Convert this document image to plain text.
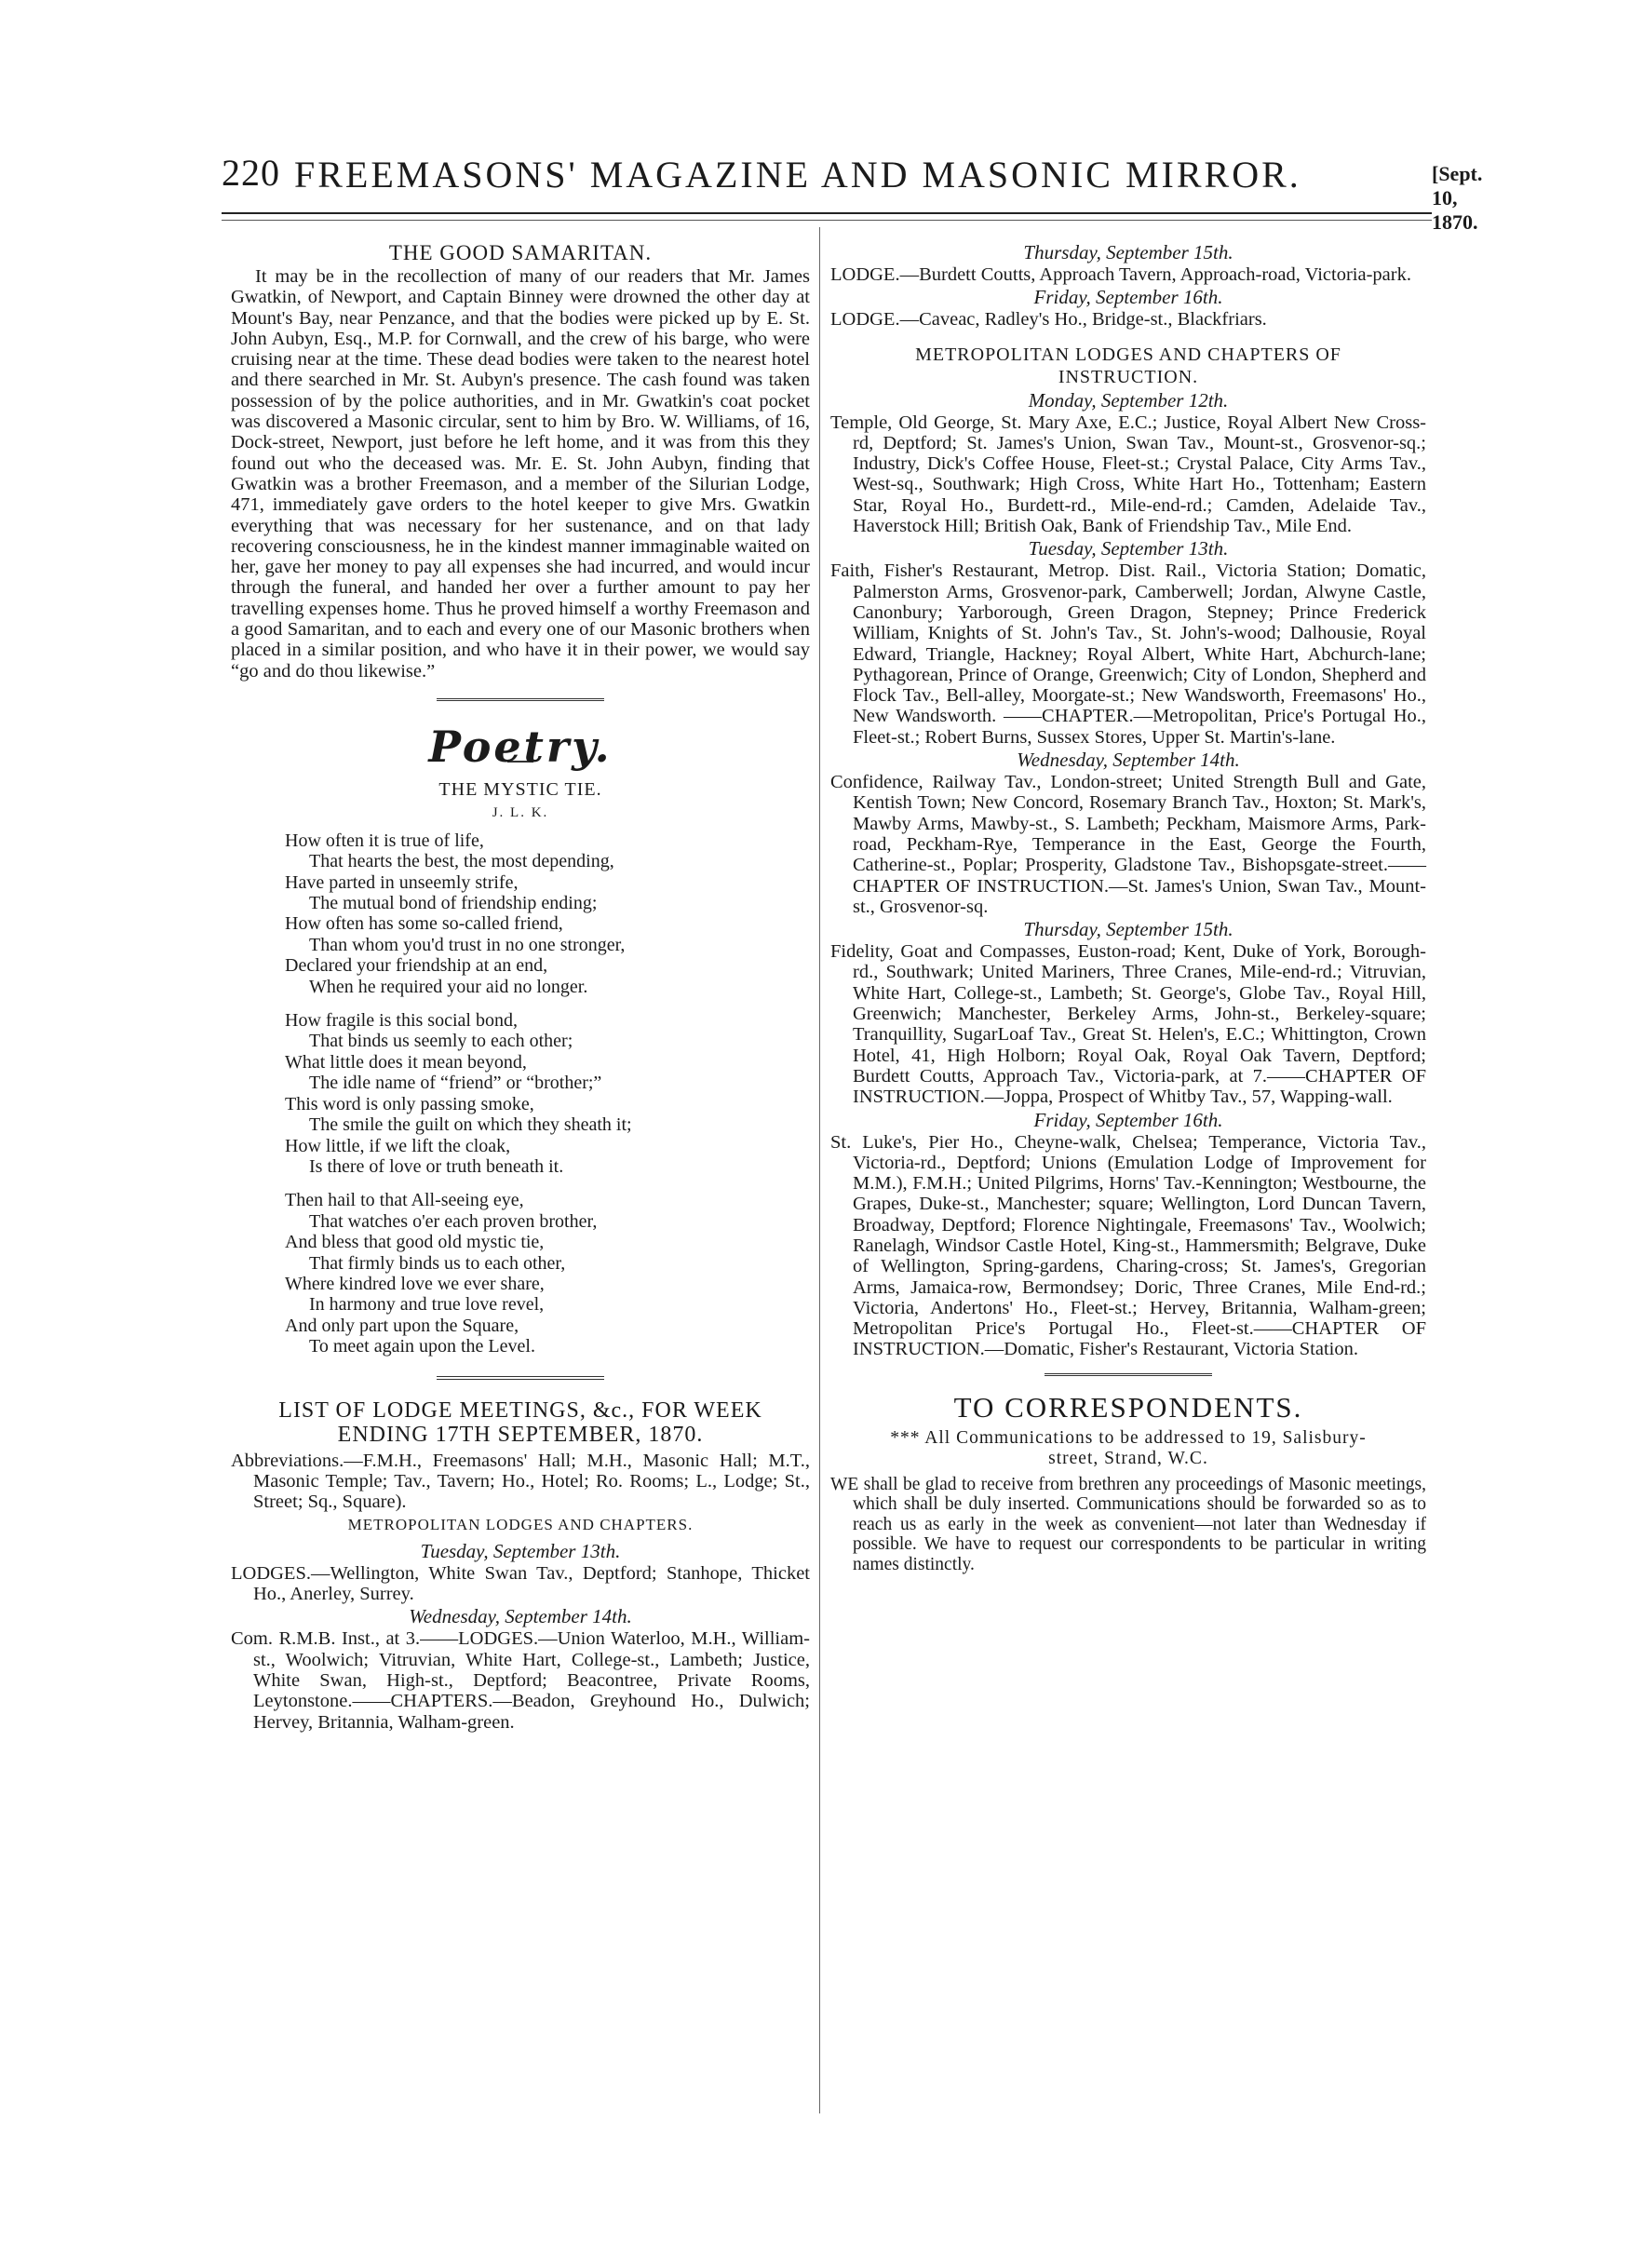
220 FREEMASONS' MAGAZINE AND MASONIC MIRROR.	[Sept. 10, 1870.

THE GOOD SAMARITAN.

It may be in the recollection of many of our readers that Mr. James Gwatkin, of Newport, and Captain Binney were drowned the other day at Mount's Bay, near Penzance, and that the bodies were picked up by E. St. John Aubyn, Esq., M.P. for Cornwall, and the crew of his barge, who were cruising near at the time. These dead bodies were taken to the nearest hotel and there searched in Mr. St. Aubyn's presence. The cash found was taken possession of by the police authorities, and in Mr. Gwatkin's coat pocket was discovered a Masonic circular, sent to him by Bro. W. Williams, of 16, Dock-street, Newport, just before he left home, and it was from this they found out who the deceased was. Mr. E. St. John Aubyn, finding that Gwatkin was a brother Freemason, and a member of the Silurian Lodge, 471, immediately gave orders to the hotel keeper to give Mrs. Gwatkin everything that was necessary for her sustenance, and on that lady recovering consciousness, he in the kindest manner immaginable waited on her, gave her money to pay all expenses she had incurred, and would incur through the funeral, and handed her over a further amount to pay her travelling expenses home. Thus he proved himself a worthy Freemason and a good Samaritan, and to each and every one of our Masonic brothers when placed in a similar position, and who have it in their power, we would say “go and do thou likewise.”

Poetry.

THE MYSTIC TIE.

J. L. K.
How often it is true of life,
That hearts the best, the most depending,
Have parted in unseemly strife,
The mutual bond of friendship ending;
How often has some so-called friend,
Than whom you'd trust in no one stronger,
Declared your friendship at an end,
When he required your aid no longer.
How fragile is this social bond,
That binds us seemly to each other;
What little does it mean beyond,
The idle name of “friend” or “brother;”
This word is only passing smoke,
The smile the guilt on which they sheath it;
How little, if we lift the cloak,
Is there of love or truth beneath it.
Then hail to that All-seeing eye,
That watches o'er each proven brother,
And bless that good old mystic tie,
That firmly binds us to each other,
Where kindred love we ever share,
In harmony and true love revel,
And only part upon the Square,
To meet again upon the Level.

LIST OF LODGE MEETINGS, &c., FOR WEEK ENDING 17TH SEPTEMBER, 1870.

Abbreviations.—F.M.H., Freemasons' Hall; M.H., Masonic Hall; M.T., Masonic Temple; Tav., Tavern; Ho., Hotel; Ro. Rooms; L., Lodge; St., Street; Sq., Square).

METROPOLITAN LODGES AND CHAPTERS.

Tuesday, September 13th.

LODGES.—Wellington, White Swan Tav., Deptford; Stanhope, Thicket Ho., Anerley, Surrey.

Wednesday, September 14th.

Com. R.M.B. Inst., at 3.——LODGES.—Union Waterloo, M.H., William-st., Woolwich; Vitruvian, White Hart, College-st., Lambeth; Justice, White Swan, High-st., Deptford; Beacontree, Private Rooms, Leytonstone.——CHAPTERS.—Beadon, Greyhound Ho., Dulwich; Hervey, Britannia, Walham-green.

Thursday, September 15th.

LODGE.—Burdett Coutts, Approach Tavern, Approach-road, Victoria-park.

Friday, September 16th.

LODGE.—Caveac, Radley's Ho., Bridge-st., Blackfriars.

METROPOLITAN LODGES AND CHAPTERS OF INSTRUCTION.

Monday, September 12th.

Temple, Old George, St. Mary Axe, E.C.; Justice, Royal Albert New Cross-rd, Deptford; St. James's Union, Swan Tav., Mount-st., Grosvenor-sq.; Industry, Dick's Coffee House, Fleet-st.; Crystal Palace, City Arms Tav., West-sq., Southwark; High Cross, White Hart Ho., Tottenham; Eastern Star, Royal Ho., Burdett-rd., Mile-end-rd.; Camden, Adelaide Tav., Haverstock Hill; British Oak, Bank of Friendship Tav., Mile End.

Tuesday, September 13th.

Faith, Fisher's Restaurant, Metrop. Dist. Rail., Victoria Station; Domatic, Palmerston Arms, Grosvenor-park, Camberwell; Jordan, Alwyne Castle, Canonbury; Yarborough, Green Dragon, Stepney; Prince Frederick William, Knights of St. John's Tav., St. John's-wood; Dalhousie, Royal Edward, Triangle, Hackney; Royal Albert, White Hart, Abchurch-lane; Pythagorean, Prince of Orange, Greenwich; City of London, Shepherd and Flock Tav., Bell-alley, Moorgate-st.; New Wandsworth, Freemasons' Ho., New Wandsworth. ——CHAPTER.—Metropolitan, Price's Portugal Ho., Fleet-st.; Robert Burns, Sussex Stores, Upper St. Martin's-lane.

Wednesday, September 14th.

Confidence, Railway Tav., London-street; United Strength Bull and Gate, Kentish Town; New Concord, Rosemary Branch Tav., Hoxton; St. Mark's, Mawby Arms, Mawby-st., S. Lambeth; Peckham, Maismore Arms, Park-road, Peckham-Rye, Temperance in the East, George the Fourth, Catherine-st., Poplar; Prosperity, Gladstone Tav., Bishopsgate-street.—— CHAPTER OF INSTRUCTION.—St. James's Union, Swan Tav., Mount-st., Grosvenor-sq.

Thursday, September 15th.

Fidelity, Goat and Compasses, Euston-road; Kent, Duke of York, Borough-rd., Southwark; United Mariners, Three Cranes, Mile-end-rd.; Vitruvian, White Hart, College-st., Lambeth; St. George's, Globe Tav., Royal Hill, Greenwich; Manchester, Berkeley Arms, John-st., Berkeley-square; Tranquillity, SugarLoaf Tav., Great St. Helen's, E.C.; Whittington, Crown Hotel, 41, High Holborn; Royal Oak, Royal Oak Tavern, Deptford; Burdett Coutts, Approach Tav., Victoria-park, at 7.——CHAPTER OF INSTRUCTION.—Joppa, Prospect of Whitby Tav., 57, Wapping-wall.

Friday, September 16th.

St. Luke's, Pier Ho., Cheyne-walk, Chelsea; Temperance, Victoria Tav., Victoria-rd., Deptford; Unions (Emulation Lodge of Improvement for M.M.), F.M.H.; United Pilgrims, Horns' Tav.-Kennington; Westbourne, the Grapes, Duke-st., Manchester; square; Wellington, Lord Duncan Tavern, Broadway, Deptford; Florence Nightingale, Freemasons' Tav., Woolwich; Ranelagh, Windsor Castle Hotel, King-st., Hammersmith; Belgrave, Duke of Wellington, Spring-gardens, Charing-cross; St. James's, Gregorian Arms, Jamaica-row, Bermondsey; Doric, Three Cranes, Mile End-rd.; Victoria, Andertons' Ho., Fleet-st.; Hervey, Britannia, Walham-green; Metropolitan Price's Portugal Ho., Fleet-st.——CHAPTER OF INSTRUCTION.—Domatic, Fisher's Restaurant, Victoria Station.

TO CORRESPONDENTS.

*** All Communications to be addressed to 19, Salisbury-street, Strand, W.C.

WE shall be glad to receive from brethren any proceedings of Masonic meetings, which shall be duly inserted. Communications should be forwarded so as to reach us as early in the week as convenient—not later than Wednesday if possible. We have to request our correspondents to be particular in writing names distinctly.
